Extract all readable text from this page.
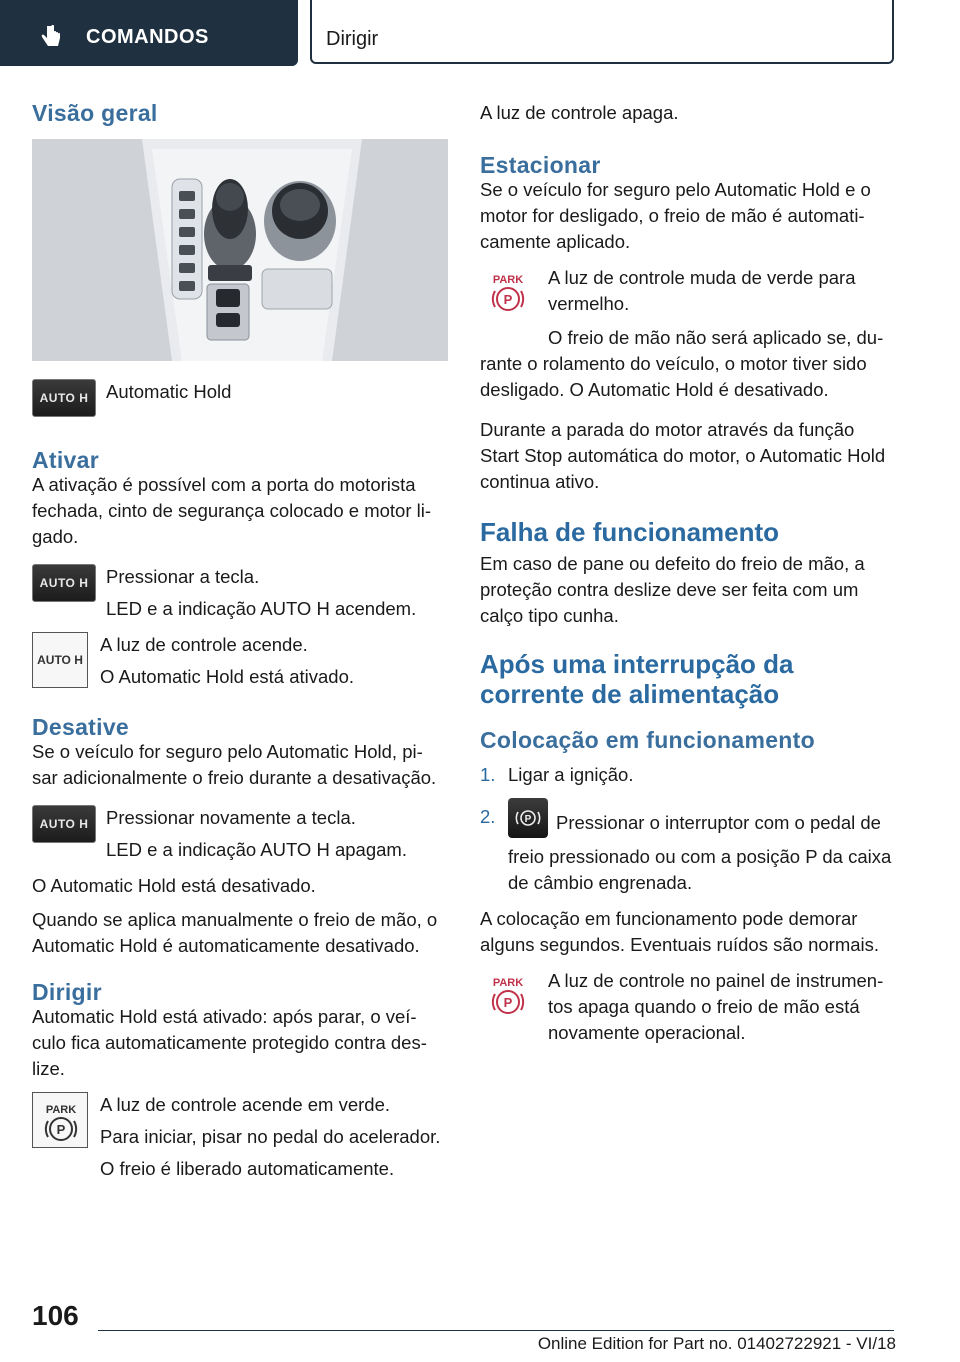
COMANDOS	Dirigir
Visão geral
AUTO H Automatic Hold

Ativar

A ativação é possível com a porta do motorista fechada, cinto de segurança colocado e motor li-gado.

AUTO H Pressionar a tecla.

LED e a indicação AUTO H acendem.

AUTO H

A luz de controle acende.

O Automatic Hold está ativado.

Desative

Se o veículo for seguro pelo Automatic Hold, pi-sar adicionalmente o freio durante a desativação.

AUTO H Pressionar novamente a tecla.

LED e a indicação AUTO H apagam.

O Automatic Hold está desativado.

Quando se aplica manualmente o freio de mão, o Automatic Hold é automaticamente desativado.

Dirigir

Automatic Hold está ativado: após parar, o veí-culo fica automaticamente protegido contra des-lize.

PARK
P

A luz de controle acende em verde.

Para iniciar, pisar no pedal do acelerador.

O freio é liberado automaticamente.

A luz de controle apaga.

Estacionar

Se o veículo for seguro pelo Automatic Hold e o motor for desligado, o freio de mão é automati-camente aplicado.

PARK
P

A luz de controle muda de verde para vermelho.

O freio de mão não será aplicado se, du-rante o rolamento do veículo, o motor tiver sido desligado. O Automatic Hold é desativado.

Durante a parada do motor através da função Start Stop automática do motor, o Automatic Hold continua ativo.

Falha de funcionamento

Em caso de pane ou defeito do freio de mão, a proteção contra deslize deve ser feita com um calço tipo cunha.

Após uma interrupção da corrente de alimentação
Colocação em funcionamento
1. Ligar a ignição.
2.	P Pressionar o interruptor com o pedal de freio pressionado ou com a posição P da caixa de câmbio engrenada.

A colocação em funcionamento pode demorar alguns segundos. Eventuais ruídos são normais.

PARK
P

A luz de controle no painel de instrumen-tos apaga quando o freio de mão está novamente operacional.

106
Online Edition for Part no. 01402722921 - VI/18
